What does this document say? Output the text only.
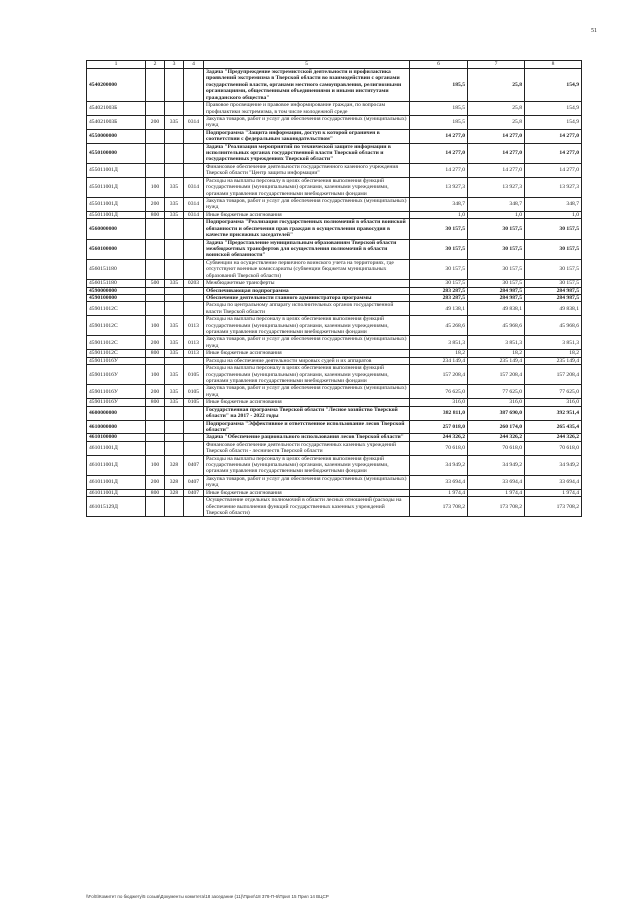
51
1	2	3	4	5	6	7	8
4540200000				Задача "Предупреждение экстремистской деятельности и профилактика проявлений экстремизма в Тверской области во взаимодействии с органами государственной власти, органами местного самоуправления, религиозными организациями, общественными объединениями и иными институтами гражданского общества"	185,5	25,8	154,9
454021003Б				Правовое просвещение и правовое информирование граждан, по вопросам профилактики экстремизма, в том числе молодежной среде	185,5	25,8	154,9
454021003Б	200	335	0314	Закупка товаров, работ и услуг для обеспечения государственных (муниципальных) нужд	185,5	25,8	154,9
4550000000				Подпрограмма "Защита информации, доступ к которой ограничен в соответствии с федеральным законодательством"	14 277,0	14 277,0	14 277,0
4550100000				Задача "Реализация мероприятий по технической защите информации в исполнительных органах государственной власти Тверской области и государственных учреждениях Тверской области"	14 277,0	14 277,0	14 277,0
455011001Д				Финансовое обеспечение деятельности государственного казенного учреждения Тверской области "Центр защиты информации"	14 277,0	14 277,0	14 277,0
455011001Д	100	335	0314	Расходы на выплаты персоналу в целях обеспечения выполнения функций государственными (муниципальными) органами, казенными учреждениями, органами управления государственными внебюджетными фондами	13 927,3	13 927,3	13 927,3
455011001Д	200	335	0314	Закупка товаров, работ и услуг для обеспечения государственных (муниципальных) нужд	348,7	348,7	348,7
455011001Д	800	335	0314	Иные бюджетные ассигнования	1,0	1,0	1,0
4560000000				Подпрограмма "Реализация государственных полномочий в области воинской обязанности и обеспечения прав граждан в осуществлении правосудия в качестве присяжных заседателей"	30 157,5	30 157,5	30 157,5
4560100000				Задача "Предоставление муниципальным образованиям Тверской области межбюджетных трансфертов для осуществления полномочий в области воинской обязанности"	30 157,5	30 157,5	30 157,5
4560151180				Субвенции на осуществление первичного воинского учета на территориях, где отсутствуют военные комиссариаты (субвенции бюджетам муниципальных образований Тверской области)	30 157,5	30 157,5	30 157,5
4560151180	500	335	0203	Межбюджетные трансферты	30 157,5	30 157,5	30 157,5
4590000000				Обеспечивающая подпрограмма	283 287,5	284 987,5	284 987,5
4590100000				Обеспечение деятельности главного администратора программы	283 287,5	284 987,5	284 987,5
459011012С				Расходы по центральному аппарату исполнительных органов государственной власти Тверской области	49 138,1	49 838,1	49 838,1
459011012С	100	335	0113	Расходы на выплаты персоналу в целях обеспечения выполнения функций государственными (муниципальными) органами, казенными учреждениями, органами управления государственными внебюджетными фондами	45 268,6	45 968,6	45 968,6
459011012С	200	335	0113	Закупка товаров, работ и услуг для обеспечения государственных (муниципальных) нужд	3 851,3	3 851,3	3 851,3
459011012С	800	335	0113	Иные бюджетные ассигнования	18,2	18,2	18,2
459011016У				Расходы на обеспечение деятельности мировых судей и их аппаратов	234 149,4	235 149,4	235 149,4
459011016У	100	335	0105	Расходы на выплаты персоналу в целях обеспечения выполнения функций государственными (муниципальными) органами, казенными учреждениями, органами управления государственными внебюджетными фондами	157 208,4	157 208,4	157 208,4
459011016У	200	335	0105	Закупка товаров, работ и услуг для обеспечения государственных (муниципальных) нужд	76 625,0	77 625,0	77 625,0
459011016У	800	335	0105	Иные бюджетные ассигнования	316,0	316,0	316,0
4600000000				Государственная программа Тверской области "Лесное хозяйство Тверской области" на 2017 - 2022 годы	382 811,0	387 690,0	392 951,4
4610000000				Подпрограмма "Эффективное и ответственное использование лесов Тверской области"	257 018,0	260 174,0	265 435,4
4610100000				Задача "Обеспечение рационального использования лесов Тверской области"	244 326,2	244 326,2	244 326,2
461011001Д				Финансовое обеспечение деятельности государственных казенных учреждений Тверской области - лесничеств Тверской области	70 618,0	70 618,0	70 618,0
461011001Д	100	328	0407	Расходы на выплаты персоналу в целях обеспечения выполнения функций государственными (муниципальными) органами, казенными учреждениями, органами управления государственными внебюджетными фондами	34 949,2	34 949,2	34 949,2
461011001Д	200	328	0407	Закупка товаров, работ и услуг для обеспечения государственных (муниципальных) нужд	33 694,4	33 694,4	33 694,4
461011001Д	800	328	0407	Иные бюджетные ассигнования	1 974,4	1 974,4	1 974,4
461015129Д				Осуществление отдельных полномочий в области лесных отношений (расходы на обеспечение выполнения функций государственных казенных учреждений Тверской области)	173 708,2	173 708,2	173 708,2
\\FolS\Комитет по бюджету\5 созыв\Документы комитета\18 заседание (11)\Прил\18 378-П-6\Прил 15 Прил 14 ВЦСР
